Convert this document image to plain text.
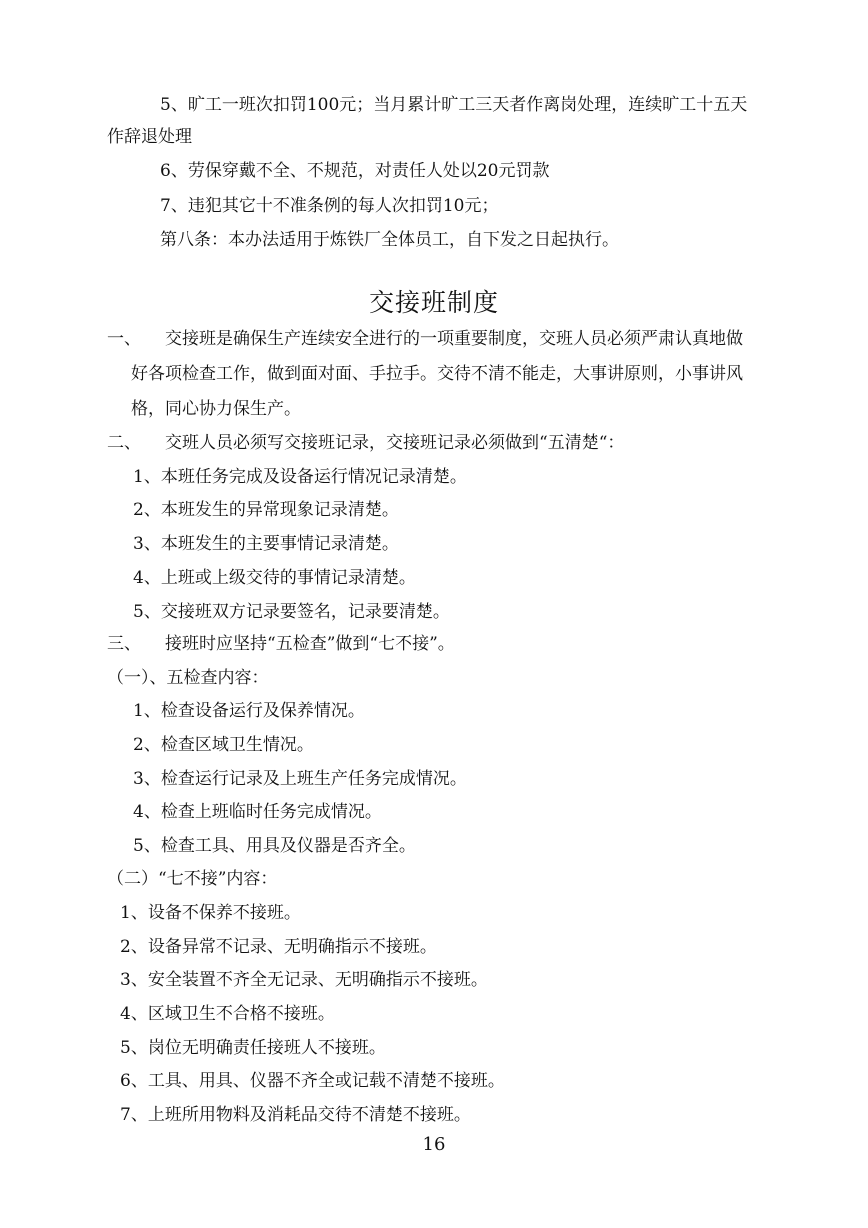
5、旷工一班次扣罚100元；当月累计旷工三天者作离岗处理，连续旷工十五天
作辞退处理
6、劳保穿戴不全、不规范，对责任人处以20元罚款
7、违犯其它十不准条例的每人次扣罚10元；
第八条：本办法适用于炼铁厂全体员工，自下发之日起执行。
交接班制度
一、 交接班是确保生产连续安全进行的一项重要制度，交班人员必须严肃认真地做
好各项检查工作，做到面对面、手拉手。交待不清不能走，大事讲原则，小事讲风
格，同心协力保生产。
二、 交班人员必须写交接班记录，交接班记录必须做到“五清楚“：
1、本班任务完成及设备运行情况记录清楚。
2、本班发生的异常现象记录清楚。
3、本班发生的主要事情记录清楚。
4、上班或上级交待的事情记录清楚。
5、交接班双方记录要签名，记录要清楚。
三、 接班时应坚持“五检查”做到“七不接”。
（一）、五检查内容：
1、检查设备运行及保养情况。
2、检查区域卫生情况。
3、检查运行记录及上班生产任务完成情况。
4、检查上班临时任务完成情况。
5、检查工具、用具及仪器是否齐全。
（二）“七不接”内容：
1、设备不保养不接班。
2、设备异常不记录、无明确指示不接班。
3、安全装置不齐全无记录、无明确指示不接班。
4、区域卫生不合格不接班。
5、岗位无明确责任接班人不接班。
6、工具、用具、仪器不齐全或记载不清楚不接班。
7、上班所用物料及消耗品交待不清楚不接班。
16
